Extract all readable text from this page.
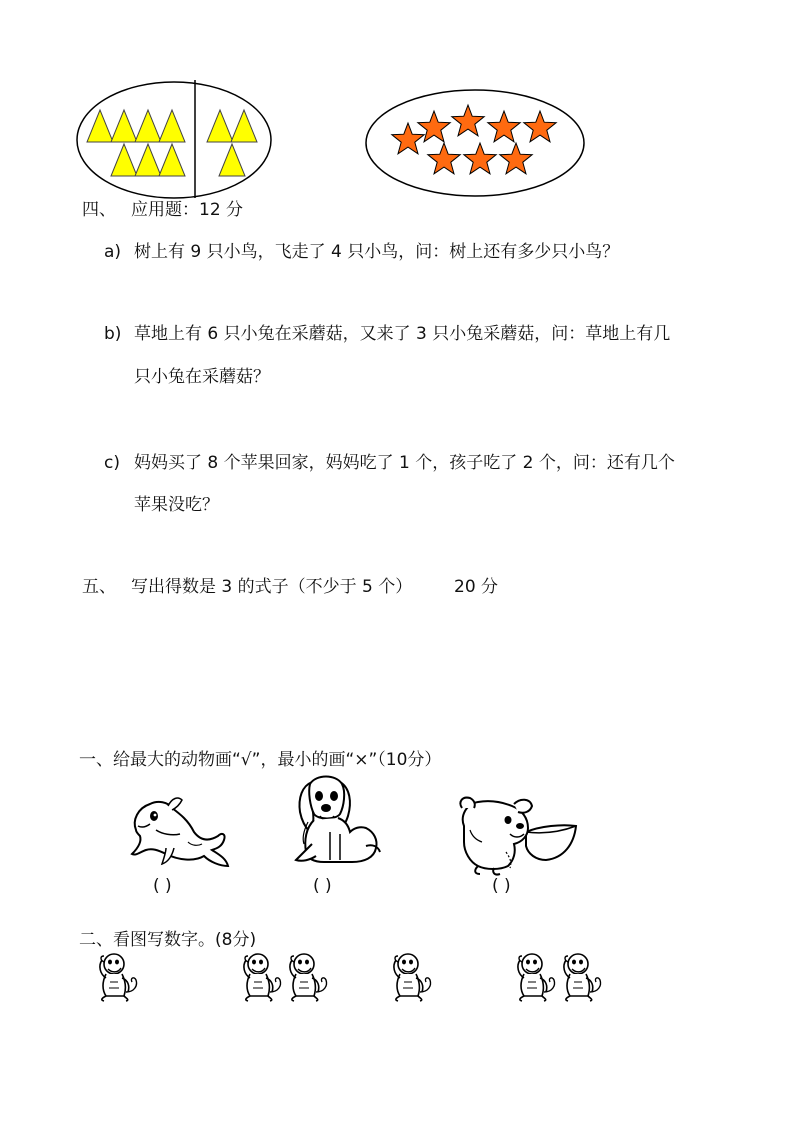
四、 应用题：12 分
a) 树上有 9 只小鸟，飞走了 4 只小鸟，问：树上还有多少只小鸟？
b) 草地上有 6 只小兔在采蘑菇，又来了 3 只小兔采蘑菇，问：草地上有几
只小兔在采蘑菇？
c) 妈妈买了 8 个苹果回家，妈妈吃了 1 个，孩子吃了 2 个，问：还有几个
苹果没吃？
五、 写出得数是 3 的式子（不少于 5 个） 20 分
一、给最大的动物画“√”，最小的画“×”（10分）
( )	( )	( )
二、看图写数字。(8分)
